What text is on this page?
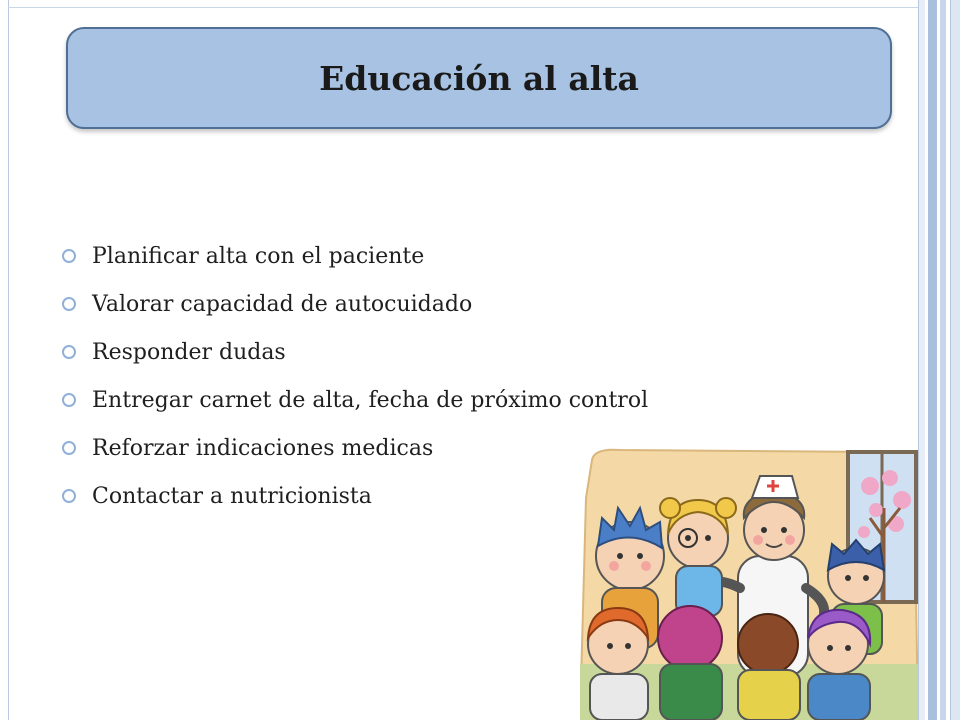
Educación al alta
Planificar alta con el paciente
Valorar capacidad de autocuidado
Responder dudas
Entregar carnet de alta, fecha de próximo control
Reforzar indicaciones medicas
Contactar a nutricionista
